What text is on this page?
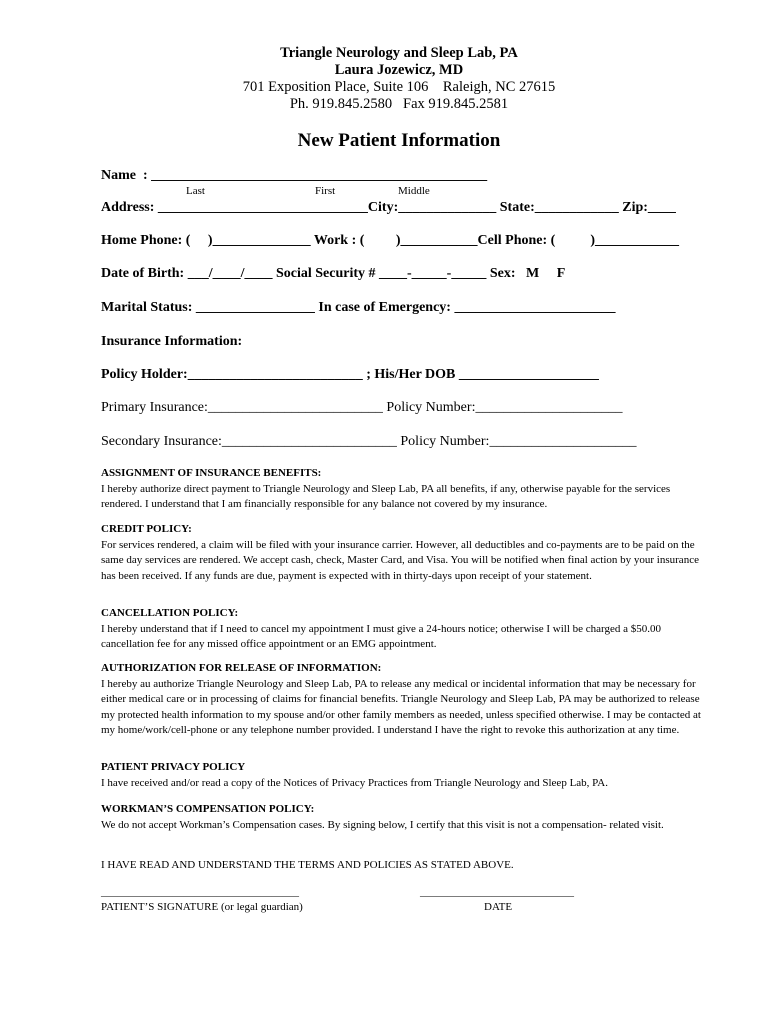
Triangle Neurology and Sleep Lab, PA
Laura Jozewicz, MD
701 Exposition Place, Suite 106    Raleigh, NC 27615
Ph. 919.845.2580   Fax 919.845.2581
New Patient Information
Name  : ________________________________________________
Last	First	Middle
Address: ______________________________City:______________ State:____________ Zip:____
Home Phone: (     )______________ Work : (         )___________Cell Phone: (          )____________
Date of Birth: ___/____/____ Social Security # ____-_____-_____ Sex:   M     F
Marital Status: _________________ In case of Emergency: _______________________
Insurance Information:
Policy Holder:_________________________ ; His/Her DOB ____________________
Primary Insurance:_________________________ Policy Number:_____________________
Secondary Insurance:_________________________ Policy Number:_____________________
ASSIGNMENT OF INSURANCE BENEFITS:
I hereby authorize direct payment to Triangle Neurology and Sleep Lab, PA all benefits, if any, otherwise payable for the services rendered. I understand that I am financially responsible for any balance not covered by my insurance.
CREDIT POLICY:
For services rendered, a claim will be filed with your insurance carrier. However, all deductibles and co-payments are to be paid on the same day services are rendered. We accept cash, check, Master Card, and Visa. You will be notified when final action by your insurance has been received. If any funds are due, payment is expected with in thirty-days upon receipt of your statement.
CANCELLATION POLICY:
I hereby understand that if I need to cancel my appointment I must give a 24-hours notice; otherwise I will be charged a $50.00 cancellation fee for any missed office appointment or an EMG appointment.
AUTHORIZATION FOR RELEASE OF INFORMATION:
I hereby au authorize Triangle Neurology and Sleep Lab, PA to release any medical or incidental information that may be necessary for either medical care or in processing of claims for financial benefits. Triangle Neurology and Sleep Lab, PA may be authorized to release my protected health information to my spouse and/or other family members as needed, unless specified otherwise. I may be contacted at my home/work/cell-phone or any telephone number provided. I understand I have the right to revoke this authorization at any time.
PATIENT PRIVACY POLICY
I have received and/or read a copy of the Notices of Privacy Practices from Triangle Neurology and Sleep Lab, PA.
WORKMAN’S COMPENSATION POLICY:
We do not accept Workman’s Compensation cases. By signing below, I certify that this visit is not a compensation- related visit.
I HAVE READ AND UNDERSTAND THE TERMS AND POLICIES AS STATED ABOVE.
____________________________________
PATIENT’S SIGNATURE (or legal guardian)
____________________________
DATE
